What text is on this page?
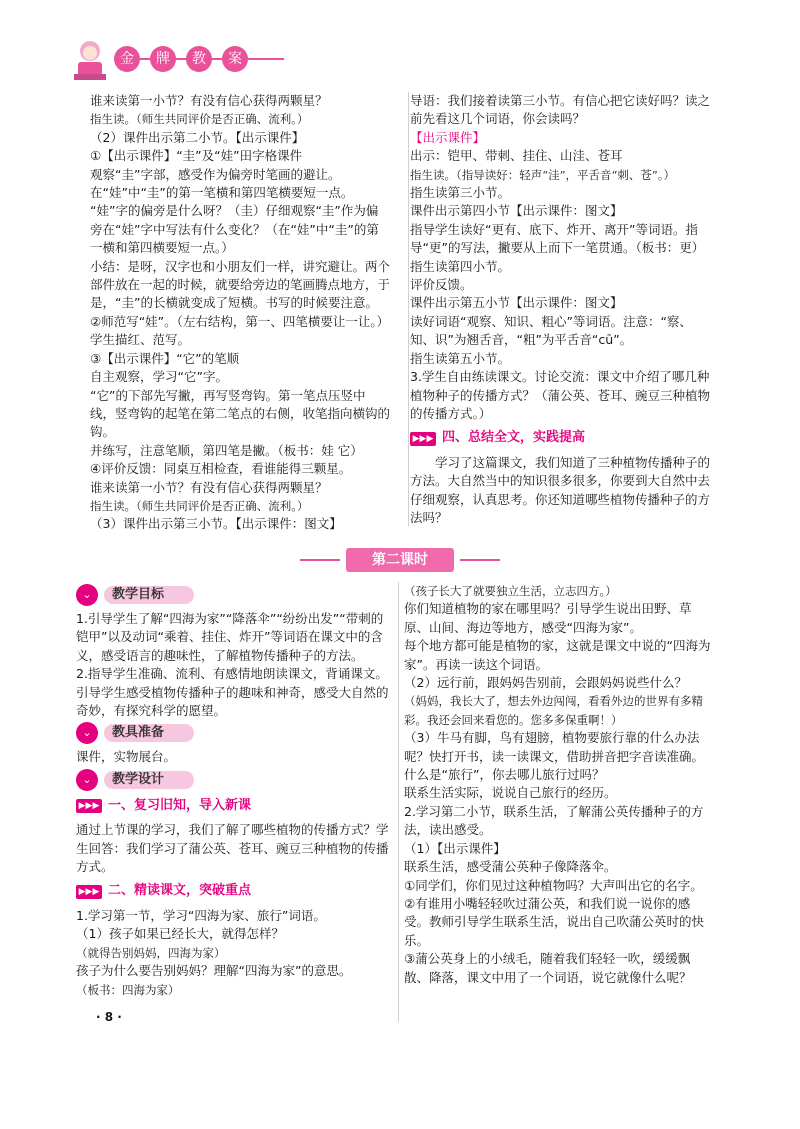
金	牌	教	案

谁来读第一小节？有没有信心获得两颗星？

指生读。（师生共同评价是否正确、流利。）

（2）课件出示第二小节。【出示课件】

①【出示课件】“圭”及“娃”田字格课件

观察“圭”字部，感受作为偏旁时笔画的避让。

在“娃”中“圭”的第一笔横和第四笔横要短一点。

“娃”字的偏旁是什么呀？（圭）仔细观察“圭”作为偏旁在“娃”字中写法有什么变化？（在“娃”中“圭”的第一横和第四横要短一点。）

小结：是呀，汉字也和小朋友们一样，讲究避让。两个部件放在一起的时候，就要给旁边的笔画腾点地方，于是，“圭”的长横就变成了短横。书写的时候要注意。

②师范写“娃”。（左右结构，第一、四笔横要让一让。）学生描红、范写。

③【出示课件】“它”的笔顺

自主观察，学习“它”字。

“它”的下部先写撇，再写竖弯钩。第一笔点压竖中线，竖弯钩的起笔在第二笔点的右侧，收笔指向横钩的钩。

并练写，注意笔顺，第四笔是撇。（板书：娃 它）

④评价反馈：同桌互相检查，看谁能得三颗星。

谁来读第一小节？有没有信心获得两颗星？

指生读。（师生共同评价是否正确、流利。）

（3）课件出示第三小节。【出示课件：图文】

导语：我们接着读第三小节。有信心把它读好吗？读之前先看这几个词语，你会读吗？

【出示课件】

出示：铠甲、带刺、挂住、山洼、苍耳

指生读。（指导读好：轻声“洼”，平舌音“刺、苍”。）

指生读第三小节。

课件出示第四小节【出示课件：图文】

指导学生读好“更有、底下、炸开、离开”等词语。指导“更”的写法，撇要从上而下一笔贯通。（板书：更）

指生读第四小节。

评价反馈。

课件出示第五小节【出示课件：图文】

读好词语“观察、知识、粗心”等词语。注意：“察、知、识”为翘舌音，“粗”为平舌音“cū”。

指生读第五小节。

3.学生自由练读课文。讨论交流：课文中介绍了哪几种植物种子的传播方式？（蒲公英、苍耳、豌豆三种植物的传播方式。）

▶▶▶ 四、总结全文，实践提高

学习了这篇课文，我们知道了三种植物传播种子的方法。大自然当中的知识很多很多，你要到大自然中去仔细观察，认真思考。你还知道哪些植物传播种子的方法吗？

第二课时
⌄	教学目标

1.引导学生了解“四海为家”“降落伞”“纷纷出发”“带刺的铠甲”以及动词“乘着、挂住、炸开”等词语在课文中的含义，感受语言的趣味性，了解植物传播种子的方法。

2.指导学生准确、流利、有感情地朗读课文，背诵课文。引导学生感受植物传播种子的趣味和神奇，感受大自然的奇妙，有探究科学的愿望。

⌄	教具准备

课件，实物展台。

⌄	教学设计
▶▶▶ 一、复习旧知，导入新课

通过上节课的学习，我们了解了哪些植物的传播方式？学生回答：我们学习了蒲公英、苍耳、豌豆三种植物的传播方式。

▶▶▶ 二、精读课文，突破重点

1.学习第一节，学习“四海为家、旅行”词语。

（1）孩子如果已经长大，就得怎样？

（就得告别妈妈，四海为家）

孩子为什么要告别妈妈？理解“四海为家”的意思。

（板书：四海为家）

（孩子长大了就要独立生活，立志四方。）

你们知道植物的家在哪里吗？引导学生说出田野、草原、山间、海边等地方，感受“四海为家”。

每个地方都可能是植物的家，这就是课文中说的“四海为家”。再读一读这个词语。

（2）远行前，跟妈妈告别前，会跟妈妈说些什么？

（妈妈，我长大了，想去外边闯闯，看看外边的世界有多精彩。我还会回来看您的。您多多保重啊！）

（3）牛马有脚，鸟有翅膀，植物要旅行靠的什么办法呢？快打开书，读一读课文，借助拼音把字音读准确。

什么是“旅行”，你去哪儿旅行过吗？

联系生活实际，说说自己旅行的经历。

2.学习第二小节，联系生活，了解蒲公英传播种子的方法，读出感受。

（1）【出示课件】

联系生活，感受蒲公英种子像降落伞。

①同学们，你们见过这种植物吗？大声叫出它的名字。

②有谁用小嘴轻轻吹过蒲公英，和我们说一说你的感受。教师引导学生联系生活，说出自己吹蒲公英时的快乐。

③蒲公英身上的小绒毛，随着我们轻轻一吹，缓缓飘散、降落，课文中用了一个词语，说它就像什么呢？

· 8 ·
